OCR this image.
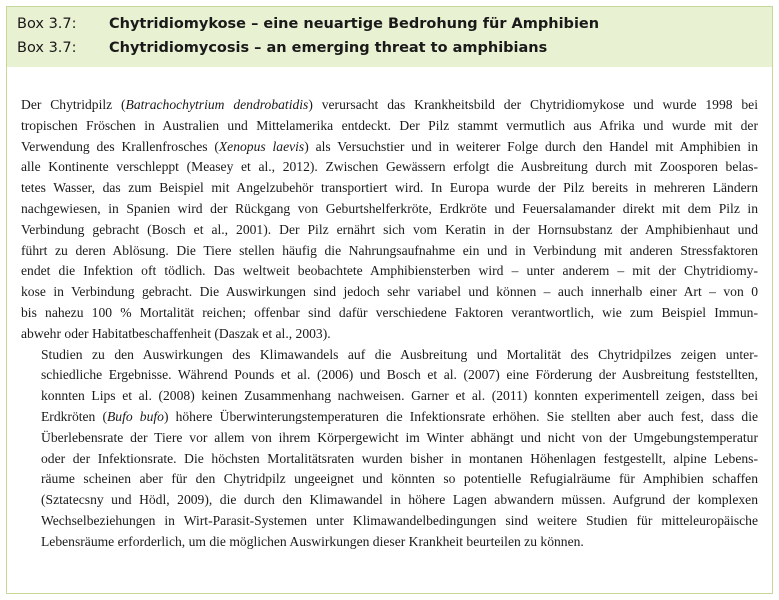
Box 3.7:	Chytridiomykose – eine neuartige Bedrohung für Amphibien
Box 3.7:	Chytridiomycosis – an emerging threat to amphibians
Der Chytridpilz (Batrachochytrium dendrobatidis) verursacht das Krankheitsbild der Chytridiomykose und wurde 1998 bei
tropischen Fröschen in Australien und Mittelamerika entdeckt. Der Pilz stammt vermutlich aus Afrika und wurde mit der
Verwendung des Krallenfrosches (Xenopus laevis) als Versuchstier und in weiterer Folge durch den Handel mit Amphibien in
alle Kontinente verschleppt (Measey et al., 2012). Zwischen Gewässern erfolgt die Ausbreitung durch mit Zoosporen belas-
tetes Wasser, das zum Beispiel mit Angelzubehör transportiert wird. In Europa wurde der Pilz bereits in mehreren Ländern
nachgewiesen, in Spanien wird der Rückgang von Geburtshelferkröte, Erdkröte und Feuersalamander direkt mit dem Pilz in
Verbindung gebracht (Bosch et al., 2001). Der Pilz ernährt sich vom Keratin in der Hornsubstanz der Amphibienhaut und
führt zu deren Ablösung. Die Tiere stellen häufig die Nahrungsaufnahme ein und in Verbindung mit anderen Stressfaktoren
endet die Infektion oft tödlich. Das weltweit beobachtete Amphibiensterben wird – unter anderem – mit der Chytridiomy-
kose in Verbindung gebracht. Die Auswirkungen sind jedoch sehr variabel und können – auch innerhalb einer Art – von 0
bis nahezu 100 % Mortalität reichen; offenbar sind dafür verschiedene Faktoren verantwortlich, wie zum Beispiel Immun-
abwehr oder Habitatbeschaffenheit (Daszak et al., 2003).
Studien zu den Auswirkungen des Klimawandels auf die Ausbreitung und Mortalität des Chytridpilzes zeigen unter-
schiedliche Ergebnisse. Während Pounds et al. (2006) und Bosch et al. (2007) eine Förderung der Ausbreitung feststellten,
konnten Lips et al. (2008) keinen Zusammenhang nachweisen. Garner et al. (2011) konnten experimentell zeigen, dass bei
Erdkröten (Bufo bufo) höhere Überwinterungstemperaturen die Infektionsrate erhöhen. Sie stellten aber auch fest, dass die
Überlebensrate der Tiere vor allem von ihrem Körpergewicht im Winter abhängt und nicht von der Umgebungstemperatur
oder der Infektionsrate. Die höchsten Mortalitätsraten wurden bisher in montanen Höhenlagen festgestellt, alpine Lebens-
räume scheinen aber für den Chytridpilz ungeeignet und könnten so potentielle Refugialräume für Amphibien schaffen
(Sztatecsny und Hödl, 2009), die durch den Klimawandel in höhere Lagen abwandern müssen. Aufgrund der komplexen
Wechselbeziehungen in Wirt-Parasit-Systemen unter Klimawandelbedingungen sind weitere Studien für mitteleuropäische
Lebensräume erforderlich, um die möglichen Auswirkungen dieser Krankheit beurteilen zu können.
